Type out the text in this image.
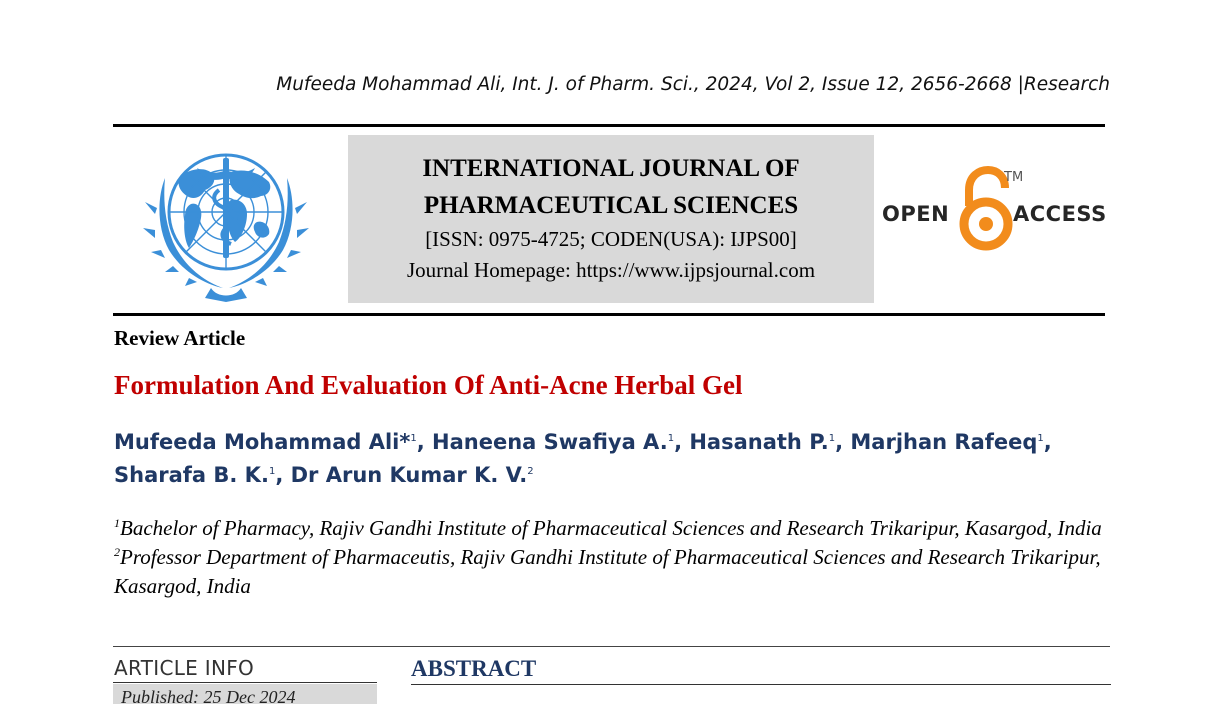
Mufeeda Mohammad Ali, Int. J. of Pharm. Sci., 2024, Vol 2, Issue 12, 2656-2668 |Research
INTERNATIONAL JOURNAL OF
PHARMACEUTICAL SCIENCES
[ISSN: 0975-4725; CODEN(USA): IJPS00]
Journal Homepage: https://www.ijpsjournal.com
OPEN
TM
ACCESS
Review Article
Formulation And Evaluation Of Anti-Acne Herbal Gel
Mufeeda Mohammad Ali*$^1$, Haneena Swafiya A.$^1$, Hasanath P.$^1$, Marjhan Rafeeq$^1$,
Sharafa B. K.$^1$, Dr Arun Kumar K. V.$^2$
$^1$Bachelor of Pharmacy, Rajiv Gandhi Institute of Pharmaceutical Sciences and Research Trikaripur, Kasargod, India
$^2$Professor Department of Pharmaceutis, Rajiv Gandhi Institute of Pharmaceutical Sciences and Research Trikaripur, Kasargod, India
ARTICLE INFO
Published: 25 Dec 2024
ABSTRACT
